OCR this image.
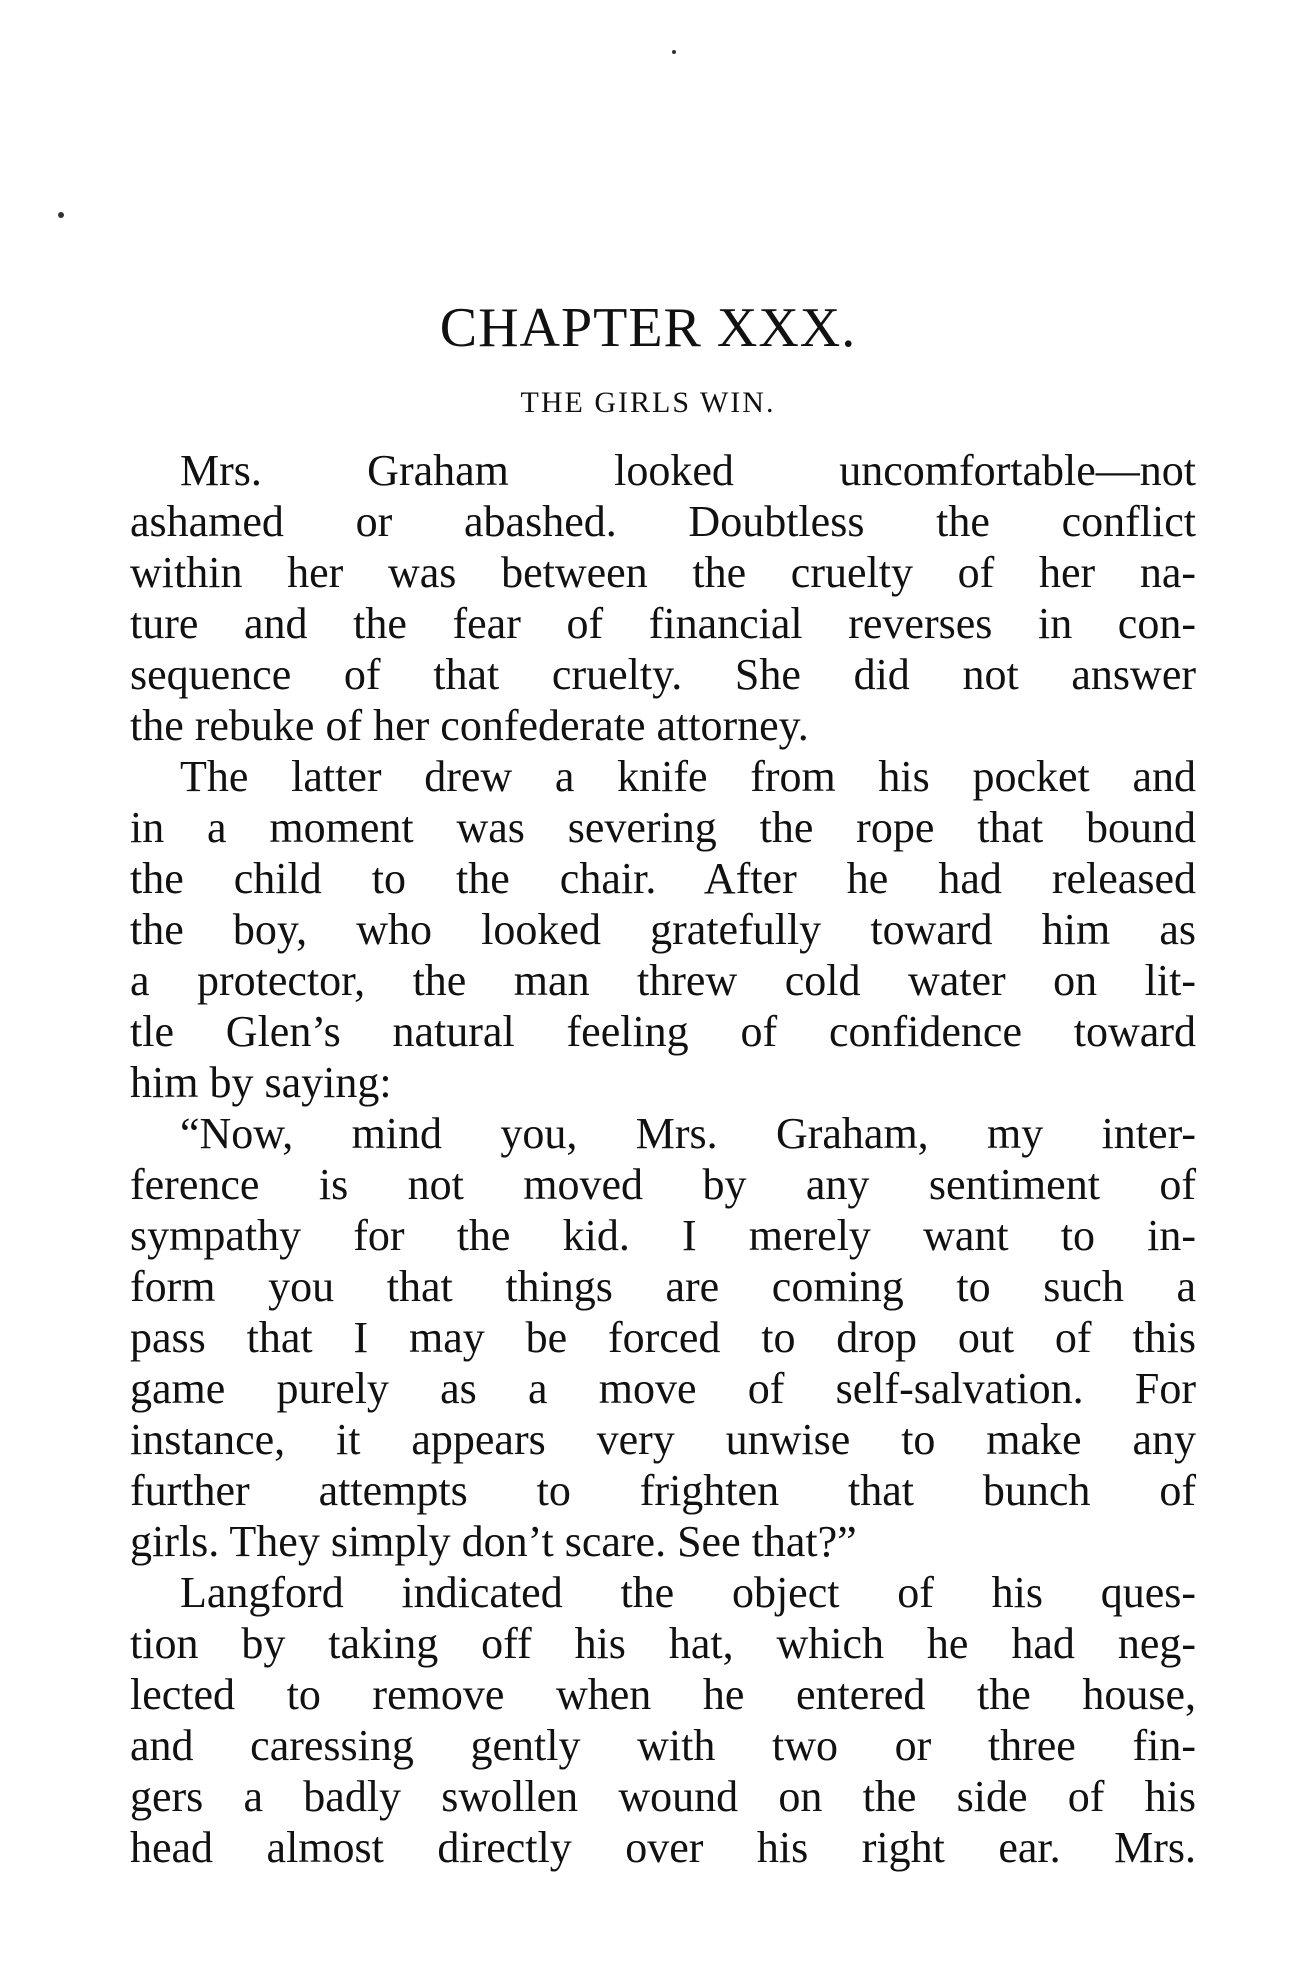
CHAPTER XXX.
THE GIRLS WIN.

Mrs. Graham looked uncomfortable—not
ashamed or abashed. Doubtless the conflict
within her was between the cruelty of her na-
ture and the fear of financial reverses in con-
sequence of that cruelty. She did not answer
the rebuke of her confederate attorney.

The latter drew a knife from his pocket and
in a moment was severing the rope that bound
the child to the chair. After he had released
the boy, who looked gratefully toward him as
a protector, the man threw cold water on lit-
tle Glen’s natural feeling of confidence toward
him by saying:

“Now, mind you, Mrs. Graham, my inter-
ference is not moved by any sentiment of
sympathy for the kid. I merely want to in-
form you that things are coming to such a
pass that I may be forced to drop out of this
game purely as a move of self-salvation. For
instance, it appears very unwise to make any
further attempts to frighten that bunch of
girls. They simply don’t scare. See that?”

Langford indicated the object of his ques-
tion by taking off his hat, which he had neg-
lected to remove when he entered the house,
and caressing gently with two or three fin-
gers a badly swollen wound on the side of his
head almost directly over his right ear. Mrs.
